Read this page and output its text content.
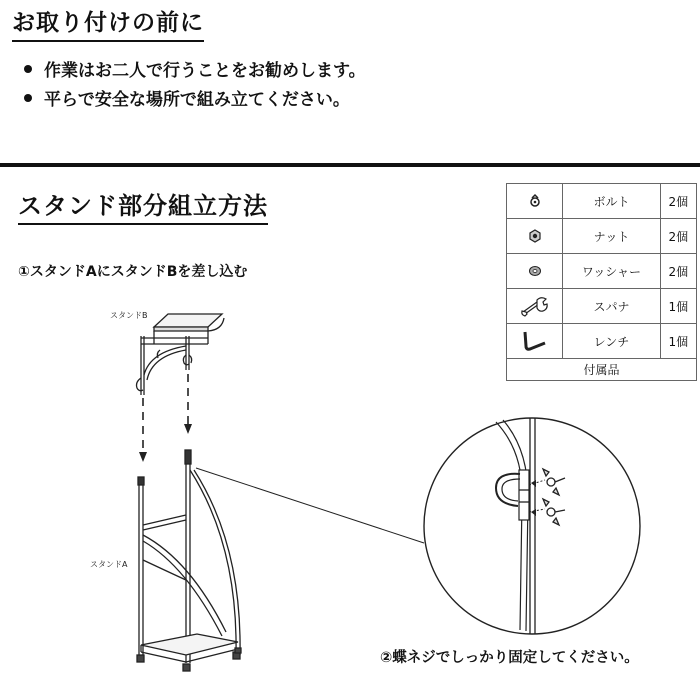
お取り付けの前に
作業はお二人で行うことをお勧めします。
平らで安全な場所で組み立てください。
スタンド部分組立方法
①スタンドAにスタンドBを差し込む
スタンドB
スタンドA
	ボルト	2個

	ナット	2個

	ワッシャー	2個

	スパナ	1個

	レンチ	1個
付属品		
②蝶ネジでしっかり固定してください。
